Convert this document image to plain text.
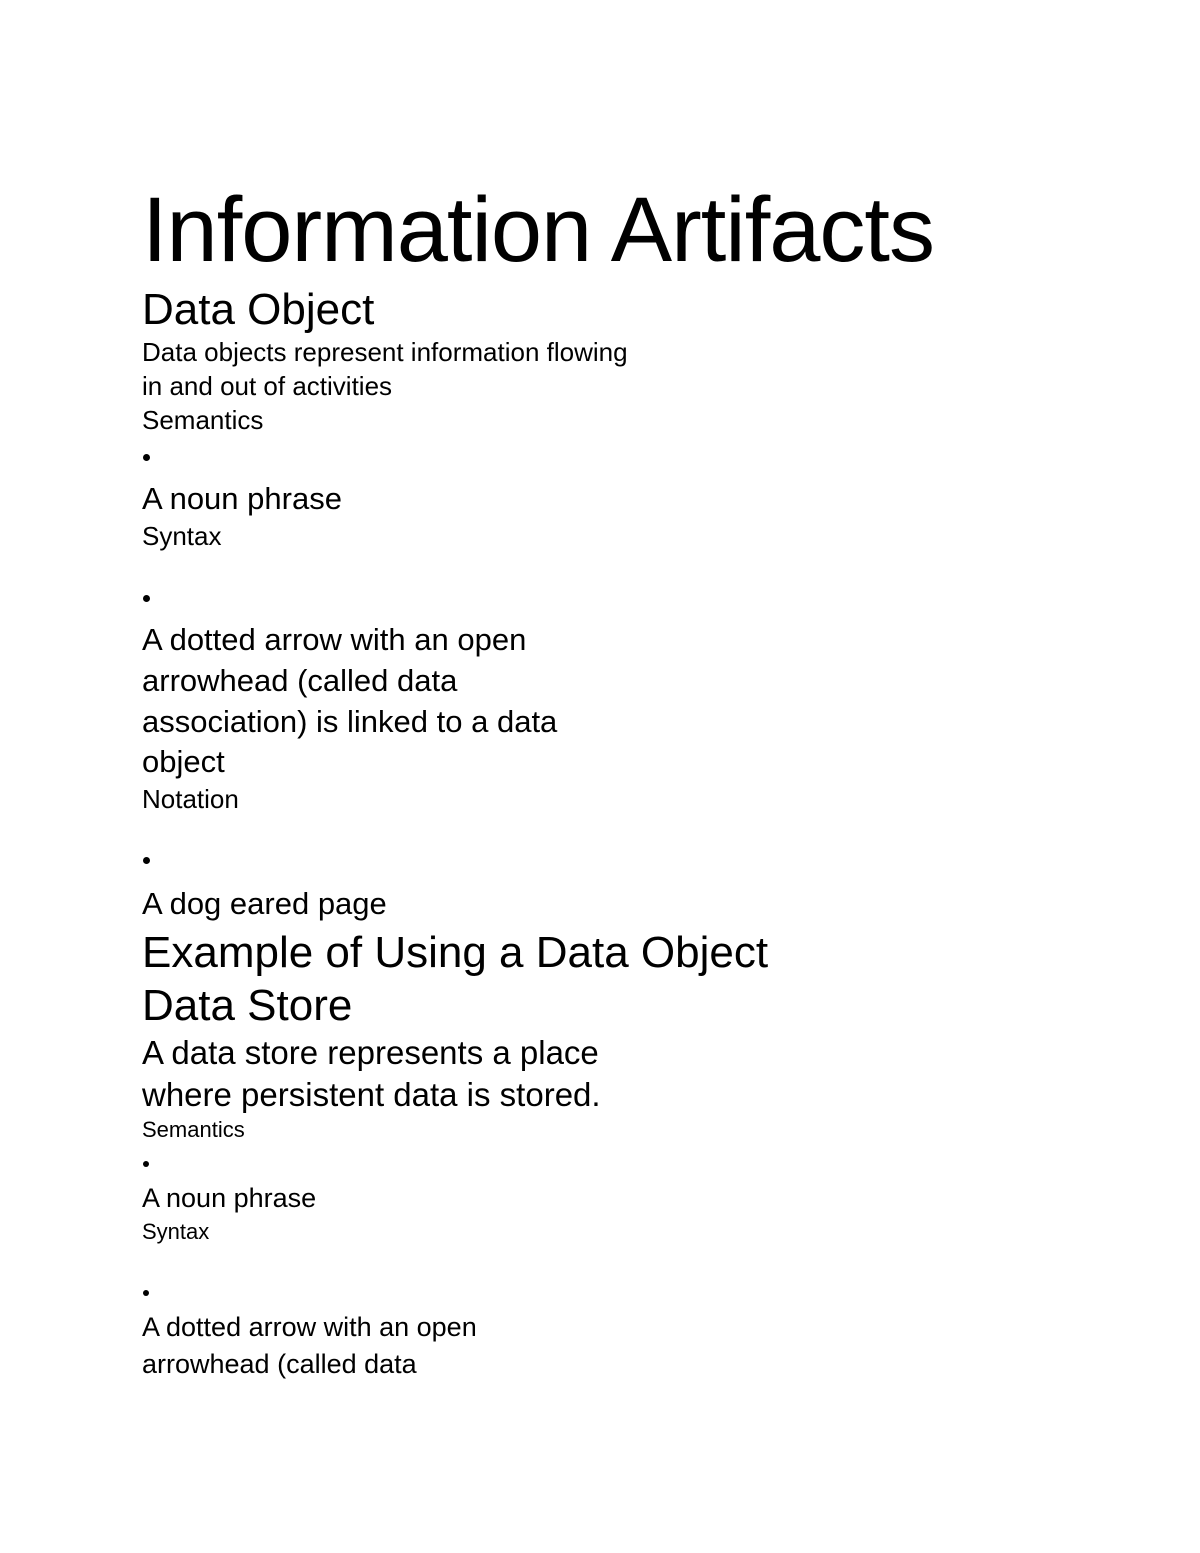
Information Artifacts
Data Object

Data objects represent information flowing

in and out of activities

Semantics

A noun phrase

Syntax

A dotted arrow with an open

arrowhead (called data

association) is linked to a data

object

Notation

A dog eared page

Example of Using a Data Object
Data Store

A data store represents a place

where persistent data is stored.

Semantics

A noun phrase

Syntax

A dotted arrow with an open

arrowhead (called data
